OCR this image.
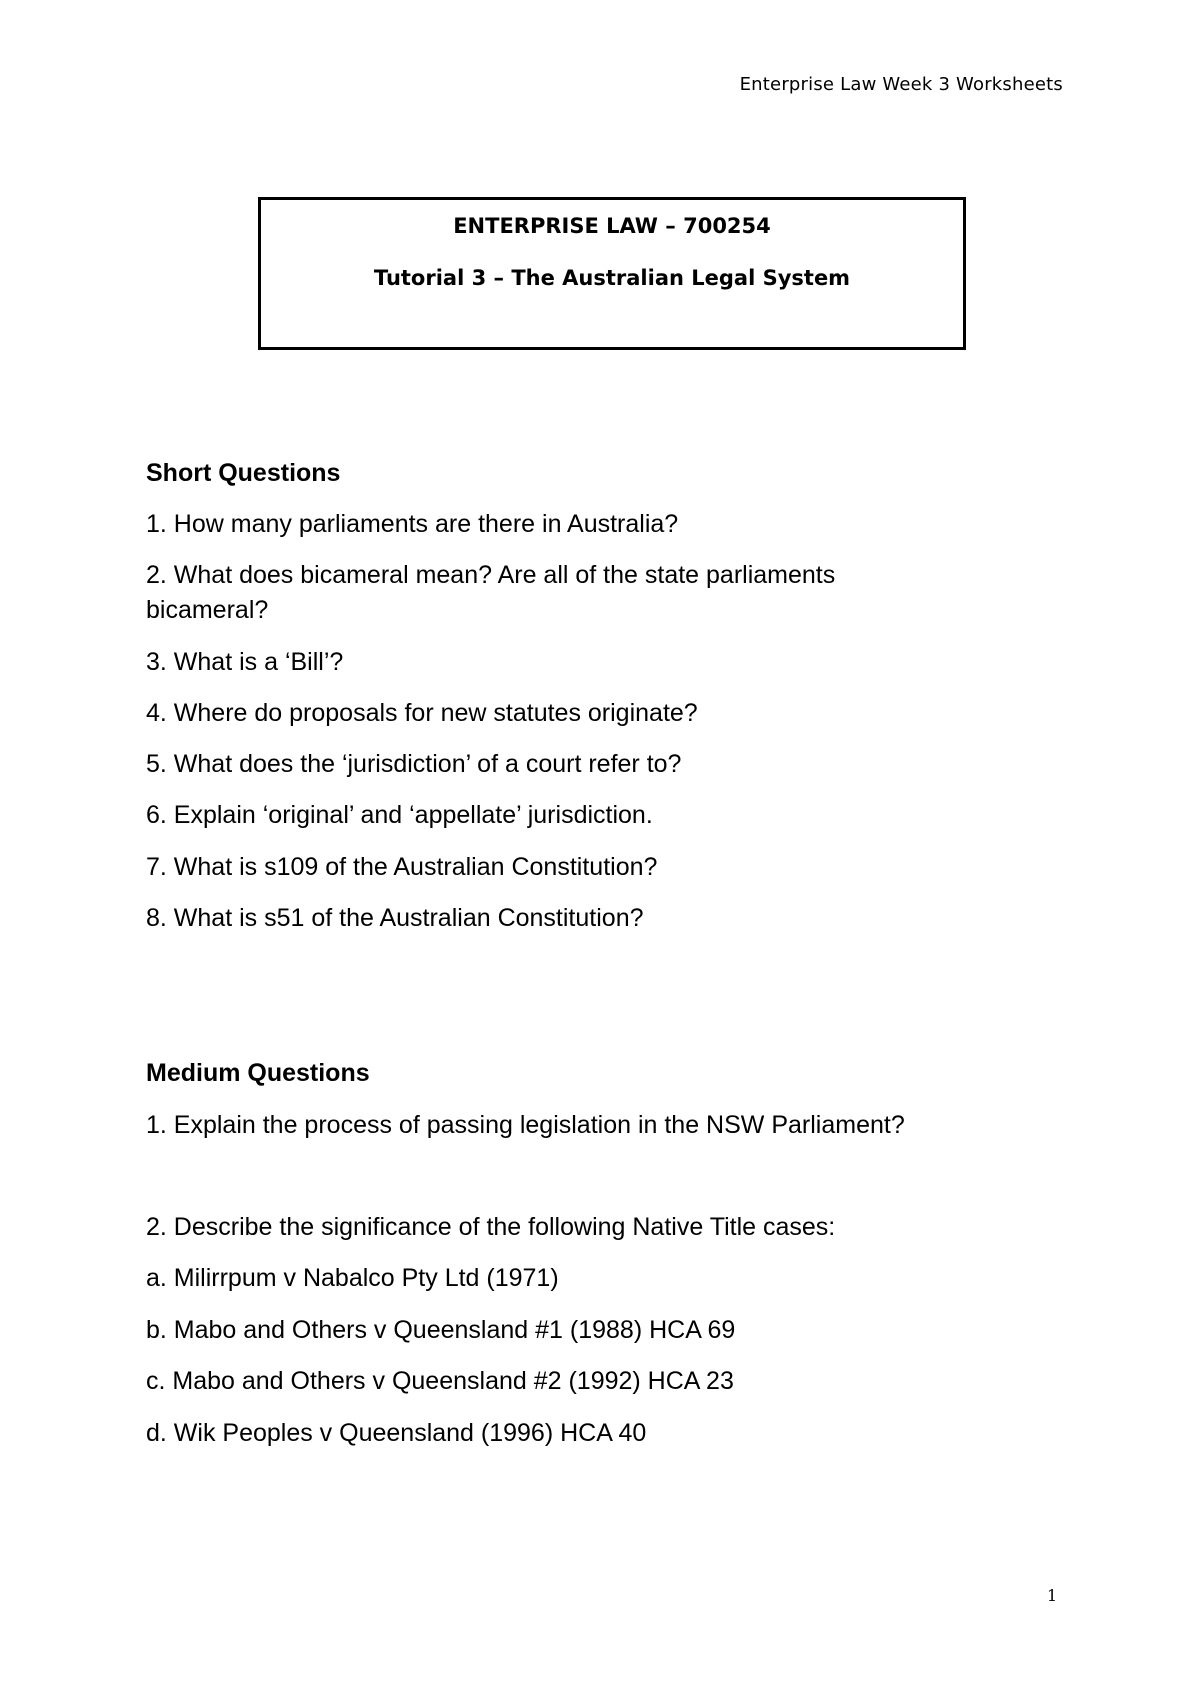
Enterprise Law Week 3 Worksheets
ENTERPRISE LAW – 700254
Tutorial 3 – The Australian Legal System
Short Questions
1. How many parliaments are there in Australia?
2. What does bicameral mean? Are all of the state parliaments
bicameral?
3. What is a ‘Bill’?
4. Where do proposals for new statutes originate?
5. What does the ‘jurisdiction’ of a court refer to?
6. Explain ‘original’ and ‘appellate’ jurisdiction.
7. What is s109 of the Australian Constitution?
8. What is s51 of the Australian Constitution?
Medium Questions
1. Explain the process of passing legislation in the NSW Parliament?
2. Describe the significance of the following Native Title cases:
a. Milirrpum v Nabalco Pty Ltd (1971)
b. Mabo and Others v Queensland #1 (1988) HCA 69
c. Mabo and Others v Queensland #2 (1992) HCA 23
d. Wik Peoples v Queensland (1996) HCA 40
1
